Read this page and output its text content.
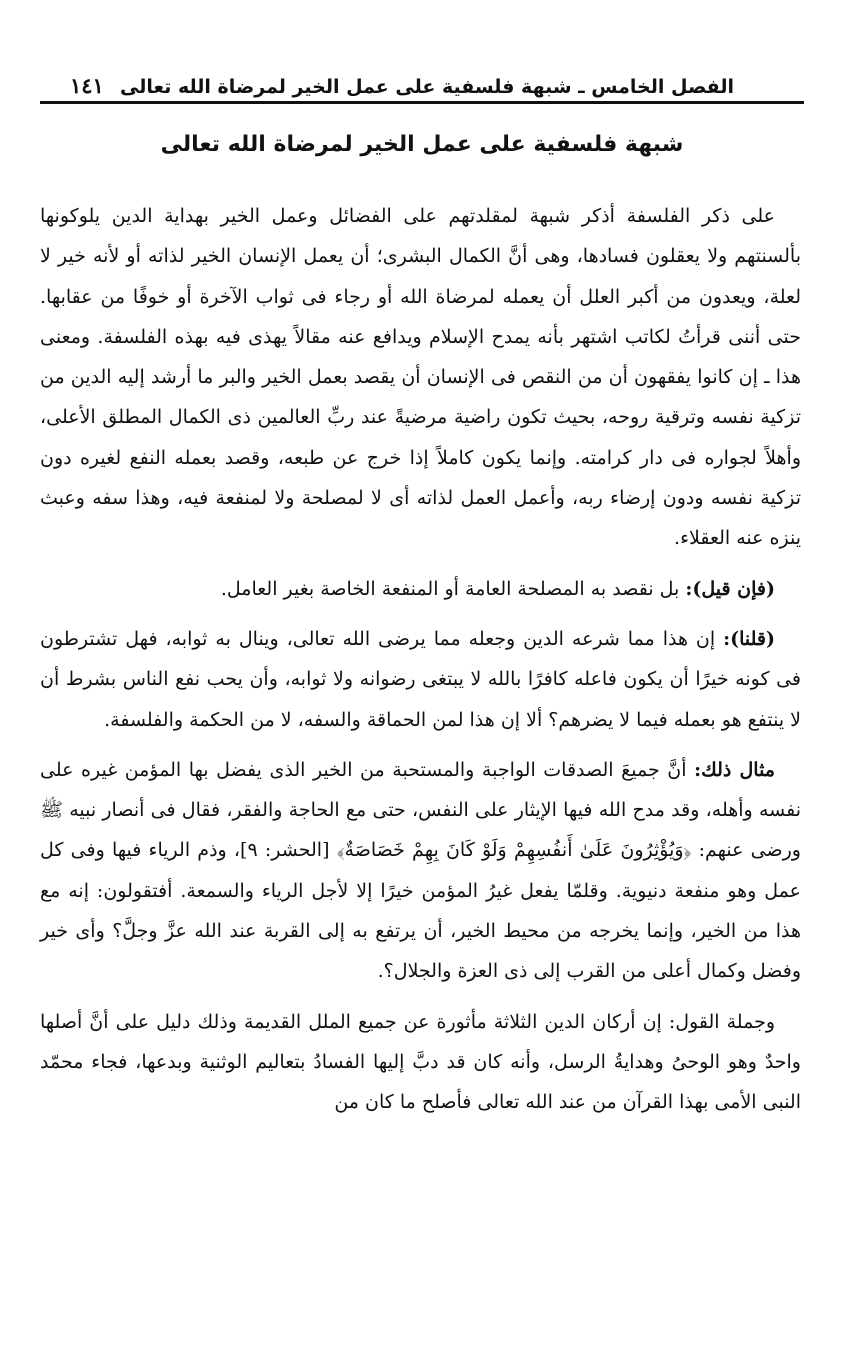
الفصل الخامس ـ شبهة فلسفية على عمل الخير لمرضاة الله تعالى
١٤١
شبهة فلسفية على عمل الخير لمرضاة الله تعالى

على ذكر الفلسفة أذكر شبهة لمقلدتهم على الفضائل وعمل الخير بهداية الدين يلوكونها بألسنتهم ولا يعقلون فسادها، وهى أنَّ الكمال البشرى؛ أن يعمل الإنسان الخير لذاته أو لأنه خير لا لعلة، ويعدون من أكبر العلل أن يعمله لمرضاة الله أو رجاء فى ثواب الآخرة أو خوفًا من عقابها. حتى أننى قرأتُ لكاتب اشتهر بأنه يمدح الإسلام ويدافع عنه مقالاً يهذى فيه بهذه الفلسفة. ومعنى هذا ـ إن كانوا يفقهون أن من النقص فى الإنسان أن يقصد بعمل الخير والبر ما أرشد إليه الدين من تزكية نفسه وترقية روحه، بحيث تكون راضية مرضيةً عند ربِّ العالمين ذى الكمال المطلق الأعلى، وأهلاً لجواره فى دار كرامته. وإنما يكون كاملاً إذا خرج عن طبعه، وقصد بعمله النفع لغيره دون تزكية نفسه ودون إرضاء ربه، وأعمل العمل لذاته أى لا لمصلحة ولا لمنفعة فيه، وهذا سفه وعبث ينزه عنه العقلاء.

(فإن قيل): بل نقصد به المصلحة العامة أو المنفعة الخاصة بغير العامل.

(قلنا): إن هذا مما شرعه الدين وجعله مما يرضى الله تعالى، وينال به ثوابه، فهل تشترطون فى كونه خيرًا أن يكون فاعله كافرًا بالله لا يبتغى رضوانه ولا ثوابه، وأن يحب نفع الناس بشرط أن لا ينتفع هو بعمله فيما لا يضرهم؟ ألا إن هذا لمن الحماقة والسفه، لا من الحكمة والفلسفة.

مثال ذلك: أنَّ جميعَ الصدقات الواجبة والمستحبة من الخير الذى يفضل بها المؤمن غيره على نفسه وأهله، وقد مدح الله فيها الإيثار على النفس، حتى مع الحاجة والفقر، فقال فى أنصار نبيه ﷺ ورضى عنهم: ﴿وَيُؤْثِرُونَ عَلَىٰ أَنفُسِهِمْ وَلَوْ كَانَ بِهِمْ خَصَاصَةٌ﴾ [الحشر: ٩]، وذم الرياء فيها وفى كل عمل وهو منفعة دنيوية. وقلمّا يفعل غيرُ المؤمن خيرًا إلا لأجل الرياء والسمعة. أفتقولون: إنه مع هذا من الخير، وإنما يخرجه من محيط الخير، أن يرتفع به إلى القربة عند الله عزَّ وجلَّ؟ وأى خير وفضل وكمال أعلى من القرب إلى ذى العزة والجلال؟.

وجملة القول: إن أركان الدين الثلاثة مأثورة عن جميع الملل القديمة وذلك دليل على أنَّ أصلها واحدٌ وهو الوحىُ وهدايةُ الرسل، وأنه كان قد دبَّ إليها الفسادُ بتعاليم الوثنية وبدعها، فجاء محمّد النبى الأمى بهذا القرآن من عند الله تعالى فأصلح ما كان من
